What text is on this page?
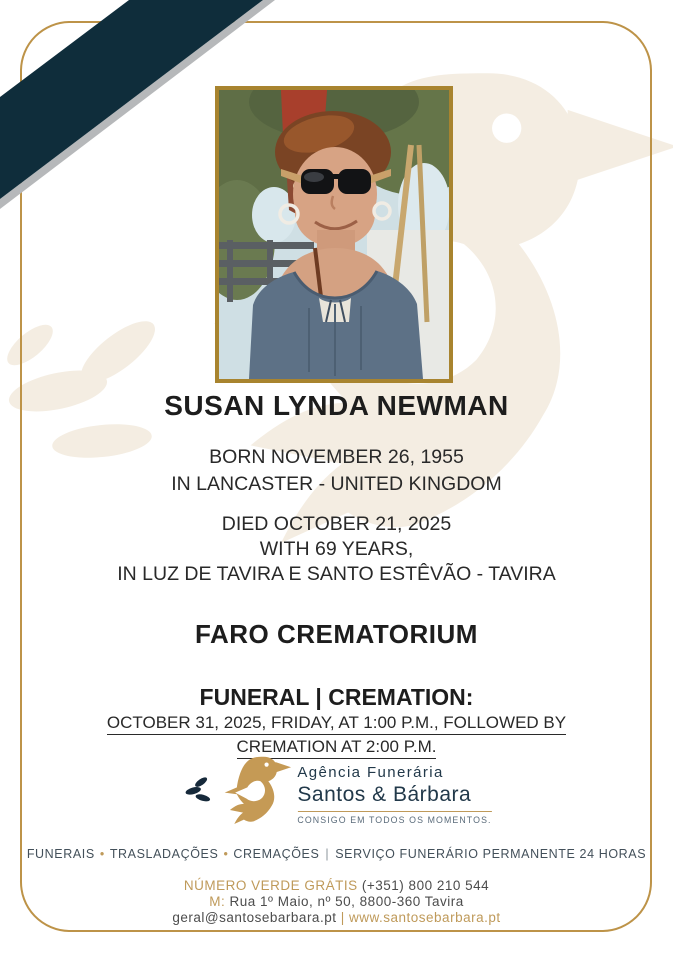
SUSAN LYNDA NEWMAN
BORN NOVEMBER 26, 1955
IN LANCASTER - UNITED KINGDOM
DIED OCTOBER 21, 2025
WITH 69 YEARS,
IN LUZ DE TAVIRA E SANTO ESTÊVÃO - TAVIRA
FARO CREMATORIUM
FUNERAL | CREMATION:
OCTOBER 31, 2025, FRIDAY, AT 1:00 P.M., FOLLOWED BY
CREMATION AT 2:00 P.M.
Agência Funerária
Santos & Bárbara
CONSIGO EM TODOS OS MOMENTOS.
FUNERAIS • TRASLADAÇÕES • CREMAÇÕES | SERVIÇO FUNERÁRIO PERMANENTE 24 HORAS
NÚMERO VERDE GRÁTIS (+351) 800 210 544
M: Rua 1º Maio, nº 50, 8800-360 Tavira
geral@santosebarbara.pt | www.santosebarbara.pt
